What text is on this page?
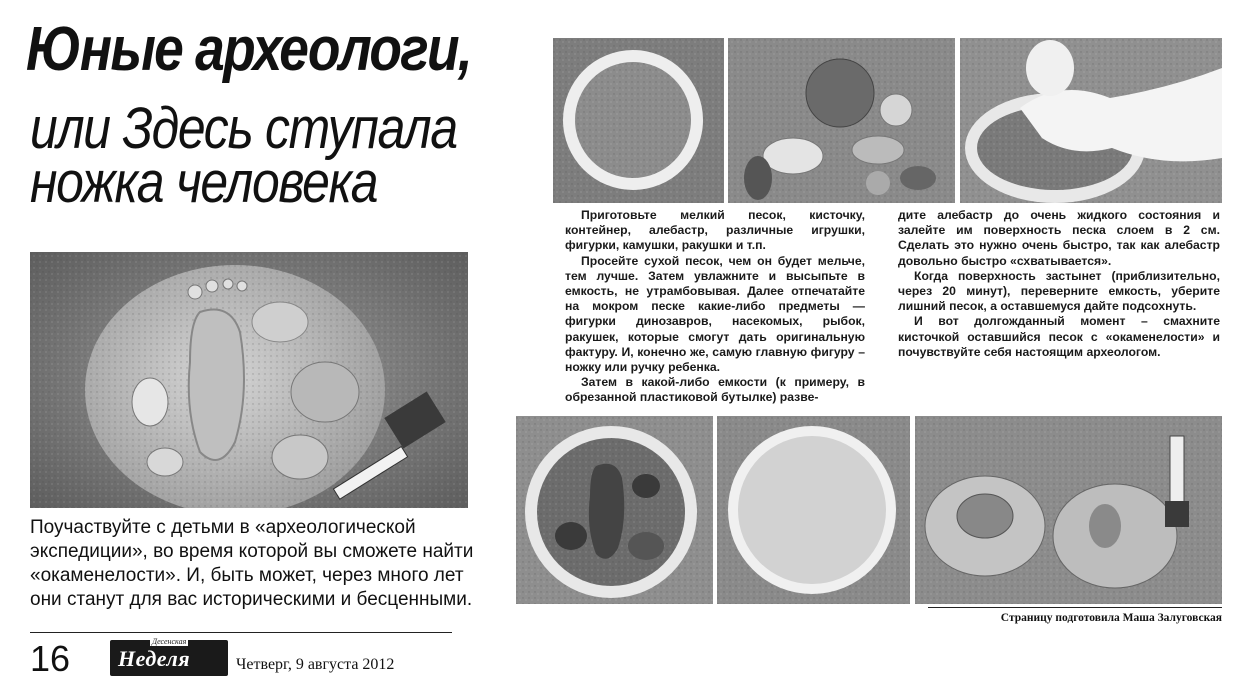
Юные археологи,
или Здесь ступала
ножка человека
Поучаствуйте с детьми в «археологической
экспедиции», во время которой вы сможете найти
«окаменелости». И, быть может, через много лет
они станут для вас историческими и бесценными.

Приготовьте мелкий песок, кисточку, контейнер, алебастр, различные игрушки, фигурки, камушки, ракушки и т.п.

Просейте сухой песок, чем он будет мельче, тем лучше. Затем увлажните и высыпьте в емкость, не утрамбовывая. Далее отпечатайте на мокром песке какие-либо предметы — фигурки динозавров, насекомых, рыбок, ракушек, которые смогут дать оригинальную фактуру. И, конечно же, самую главную фигуру – ножку или ручку ребенка.

Затем в какой-либо емкости (к примеру, в обрезанной пластиковой бутылке) разве-

дите алебастр до очень жидкого состояния и залейте им поверхность песка слоем в 2 см. Сделать это нужно очень быстро, так как алебастр довольно быстро «схватывается».

Когда поверхность застынет (приблизительно, через 20 минут), переверните емкость, уберите лишний песок, а оставшемуся дайте подсохнуть.

И вот долгожданный момент – смахните кисточкой оставшийся песок с «окаменелости» и почувствуйте себя настоящим археологом.

16	Десенская
Неделя	Четверг, 9 августа 2012
Страницу подготовила Маша Залуговская
